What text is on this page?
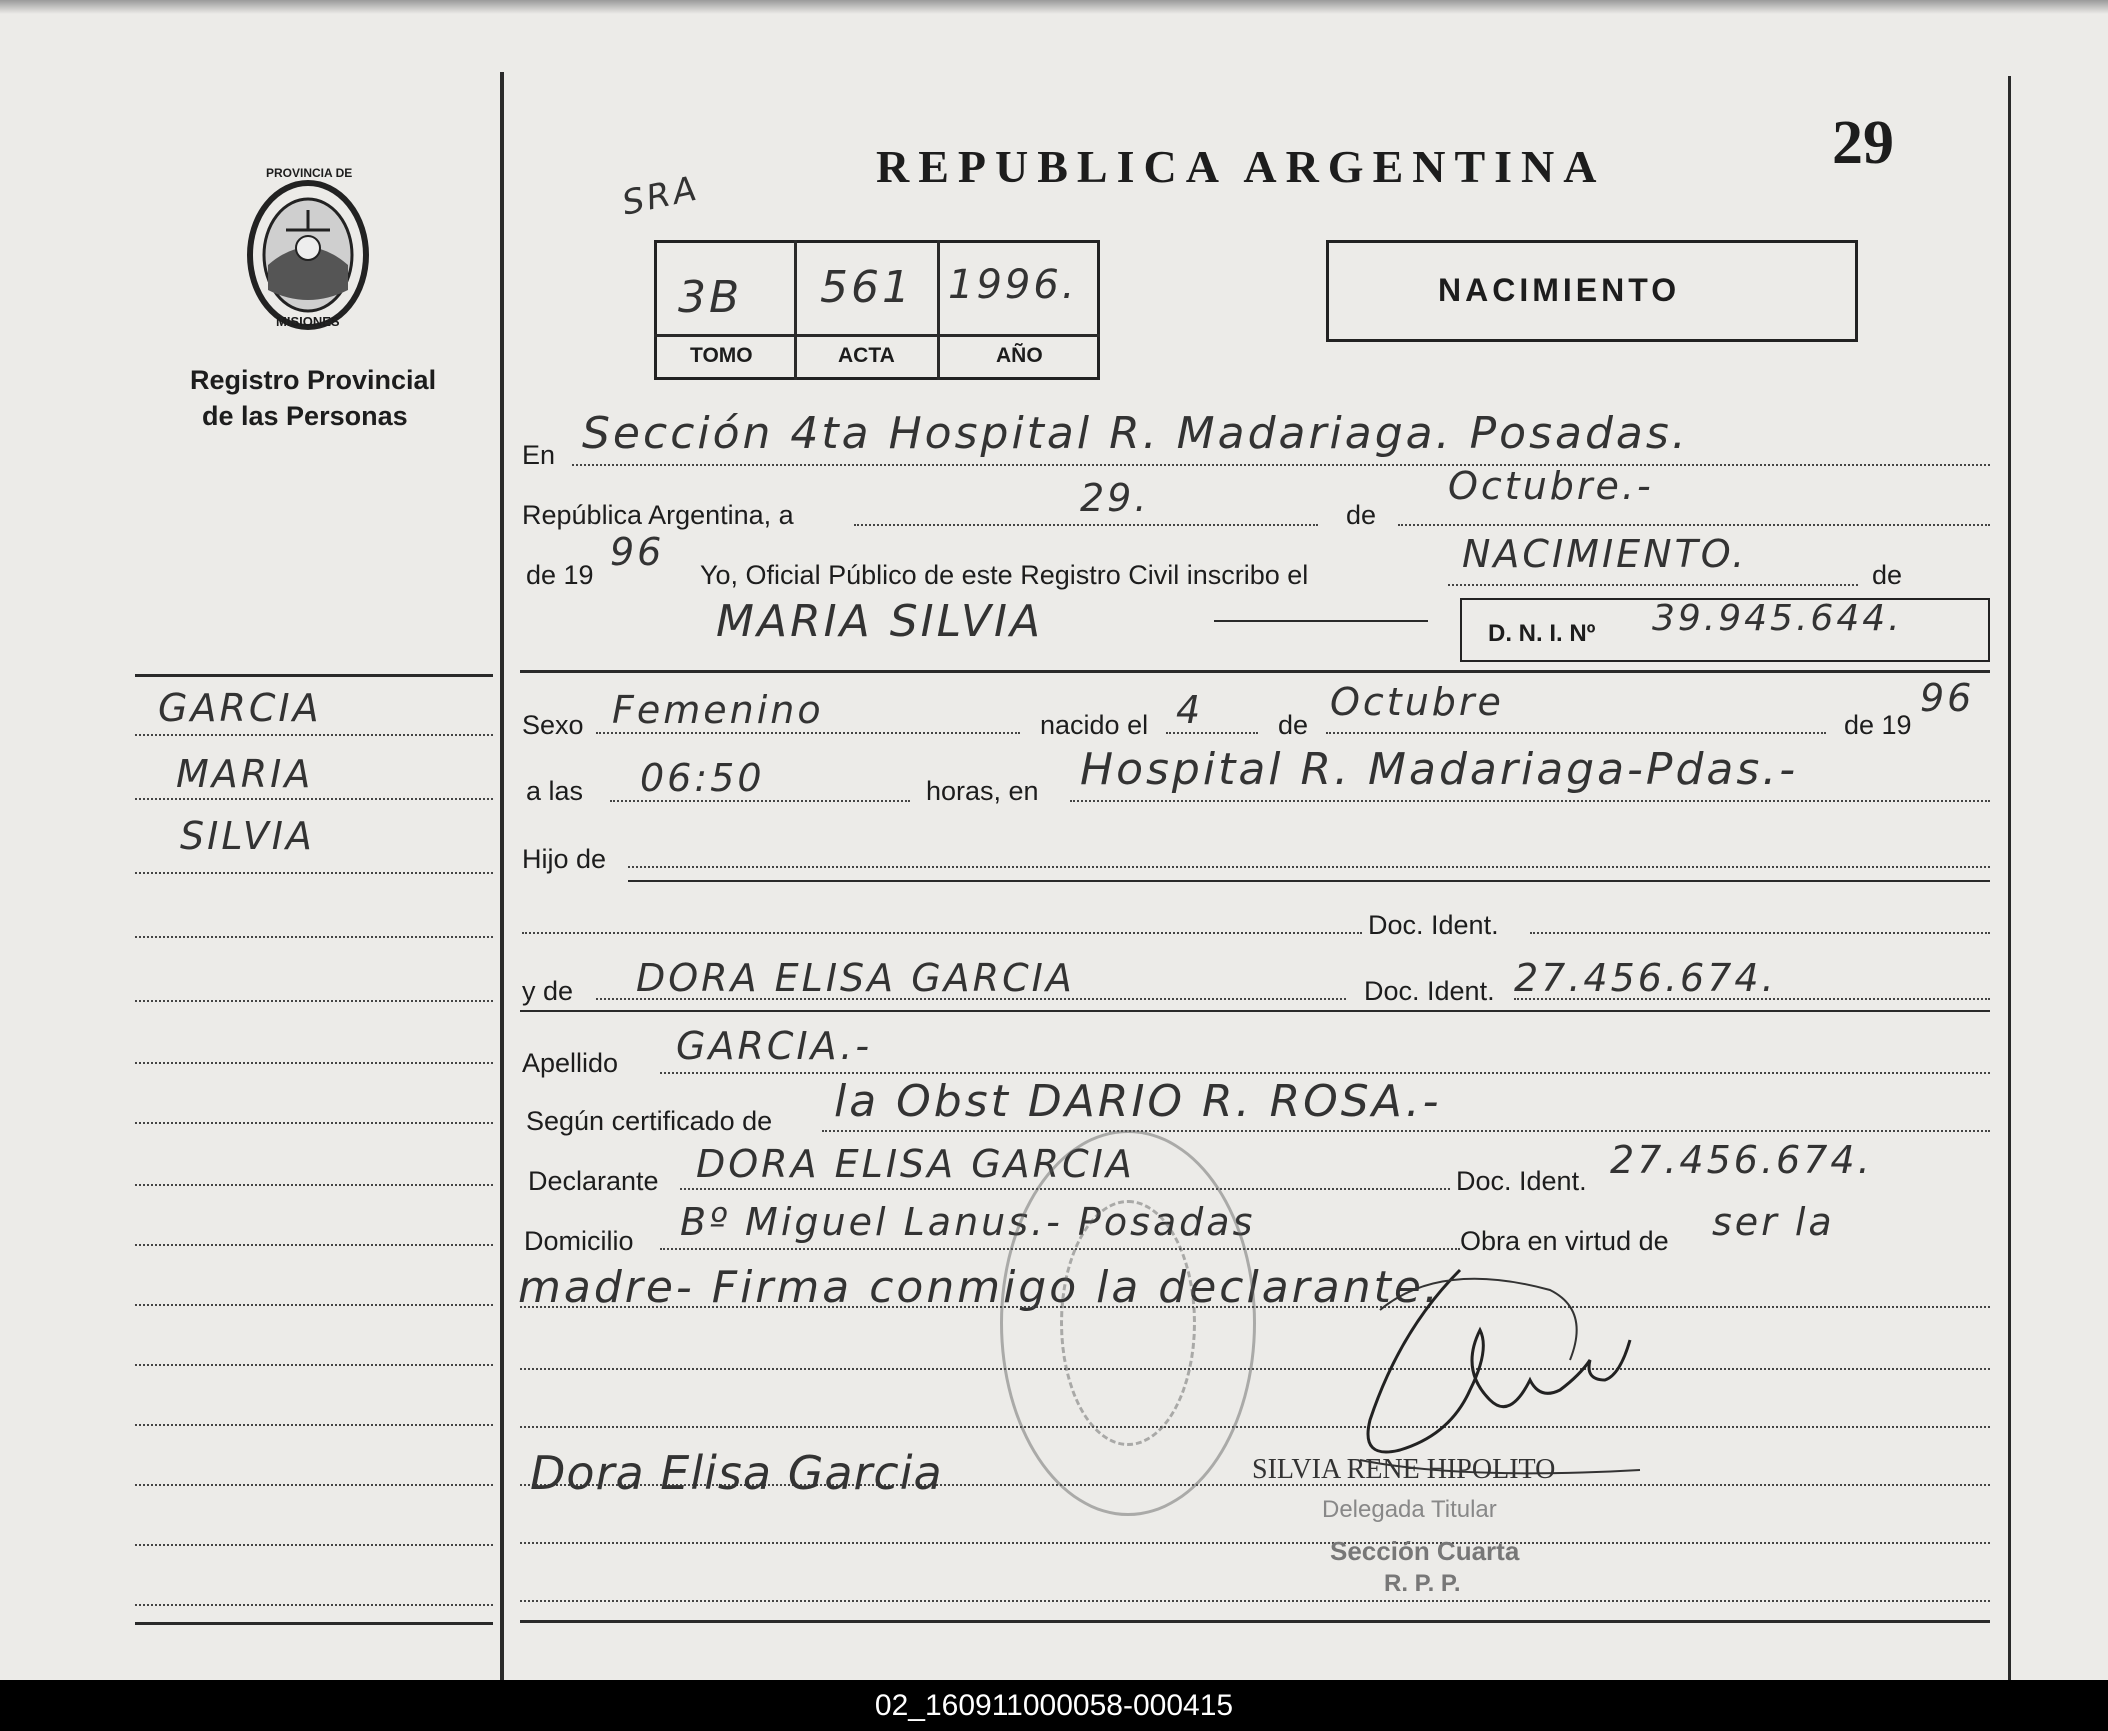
PROVINCIA DE
MISIONES
Registro Provincial
de las Personas
REPUBLICA ARGENTINA	29
SRA
3B 561 1996.
TOMO	ACTA	AÑO
NACIMIENTO
GARCIA
MARIA
SILVIA
En Sección 4ta Hospital R. Madariaga. Posadas.
República Argentina, a	29.	de
Octubre.-
de 19
96
Yo, Oficial Público de este Registro Civil inscribo el	NACIMIENTO.	de
MARIA SILVIA	D. N. I. Nº 39.945.644.
Sexo Femenino	nacido el 4	de
Octubre
de 19
96
a las 06:50	horas, en Hospital R. Madariaga-Pdas.-
Hijo de
Doc. Ident.
y de DORA ELISA GARCIA	Doc. Ident. 27.456.674.
Apellido GARCIA.-
Según certificado de la Obst DARIO R. ROSA.-
Declarante DORA ELISA GARCIA	Doc. Ident. 27.456.674.
Domicilio Bº Miguel Lanus.- Posadas	Obra en virtud de ser la
madre- Firma conmigo la declarante.
Dora Elisa Garcia	SILVIA RENE HIPOLITO
Delegada Titular
Sección Cuarta
R. P. P.
02_160911000058-000415
